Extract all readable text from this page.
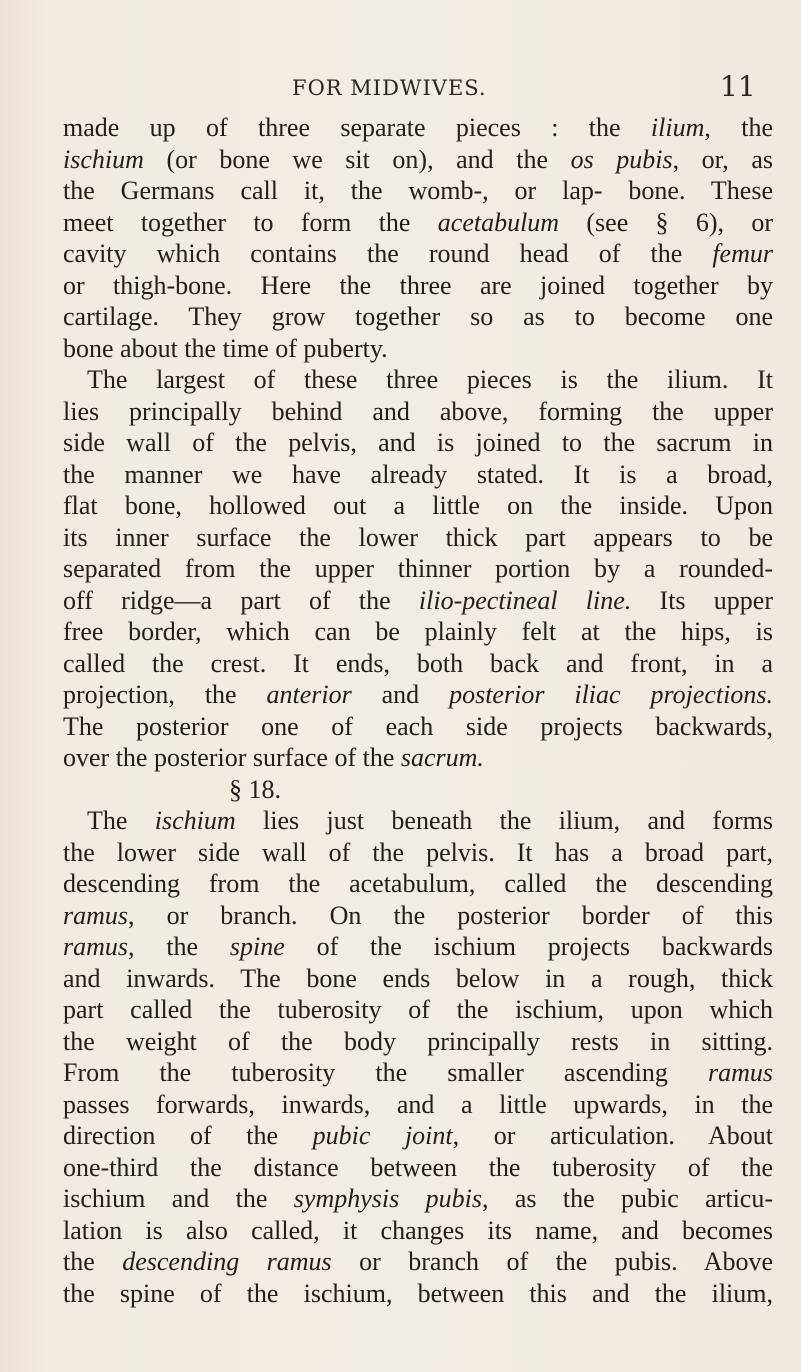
FOR MIDWIVES.	11
made up of three separate pieces : the ilium, the
ischium (or bone we sit on), and the os pubis, or, as
the Germans call it, the womb-, or lap- bone. These
meet together to form the acetabulum (see § 6), or
cavity which contains the round head of the femur
or thigh-bone. Here the three are joined together by
cartilage. They grow together so as to become one
bone about the time of puberty.
The largest of these three pieces is the ilium. It
lies principally behind and above, forming the upper
side wall of the pelvis, and is joined to the sacrum in
the manner we have already stated. It is a broad,
flat bone, hollowed out a little on the inside. Upon
its inner surface the lower thick part appears to be
separated from the upper thinner portion by a rounded-
off ridge—a part of the ilio-pectineal line. Its upper
free border, which can be plainly felt at the hips, is
called the crest. It ends, both back and front, in a
projection, the anterior and posterior iliac projections.
The posterior one of each side projects backwards,
over the posterior surface of the sacrum.
§ 18.
The ischium lies just beneath the ilium, and forms
the lower side wall of the pelvis. It has a broad part,
descending from the acetabulum, called the descending
ramus, or branch. On the posterior border of this
ramus, the spine of the ischium projects backwards
and inwards. The bone ends below in a rough, thick
part called the tuberosity of the ischium, upon which
the weight of the body principally rests in sitting.
From the tuberosity the smaller ascending ramus
passes forwards, inwards, and a little upwards, in the
direction of the pubic joint, or articulation. About
one-third the distance between the tuberosity of the
ischium and the symphysis pubis, as the pubic articu-
lation is also called, it changes its name, and becomes
the descending ramus or branch of the pubis. Above
the spine of the ischium, between this and the ilium,
